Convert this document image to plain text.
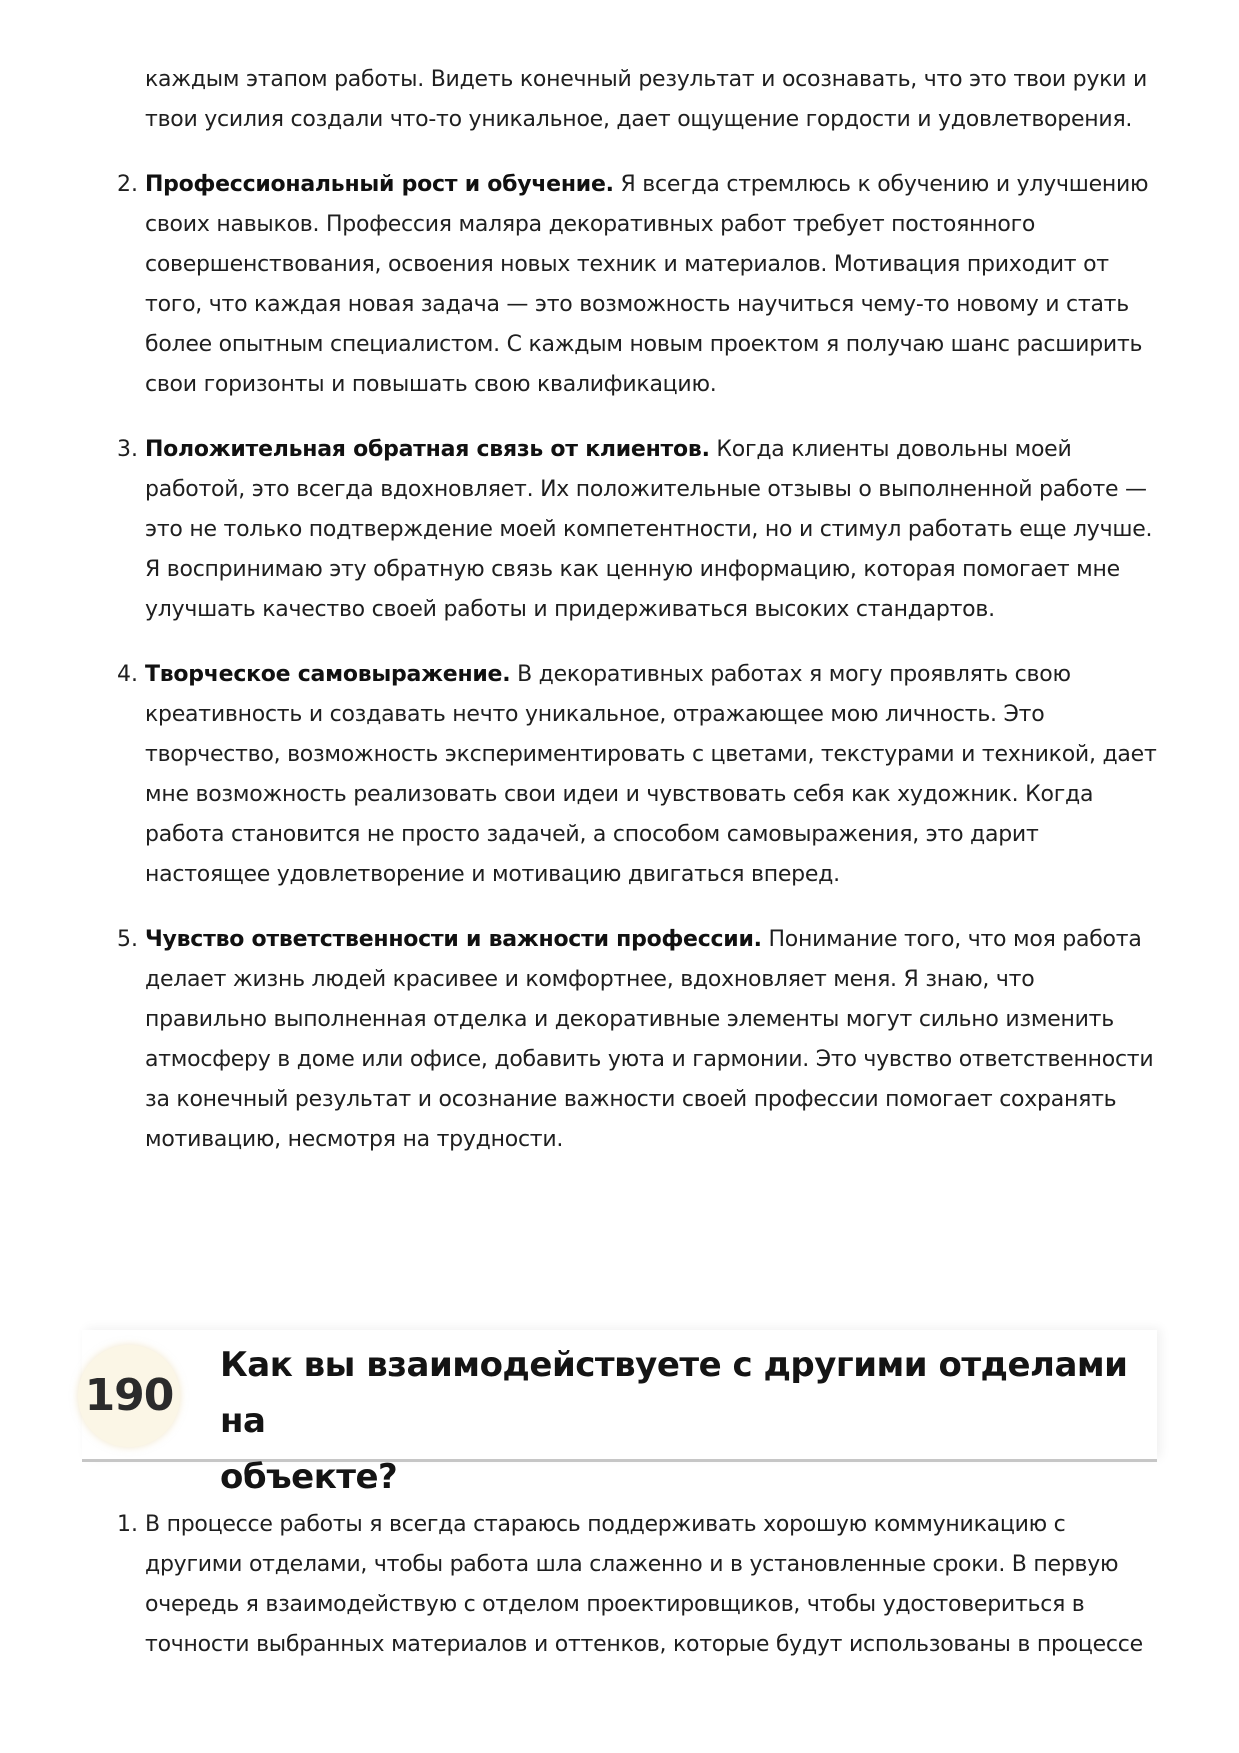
каждым этапом работы. Видеть конечный результат и осознавать, что это твои руки и
твои усилия создали что-то уникальное, дает ощущение гордости и удовлетворения.
2. Профессиональный рост и обучение. Я всегда стремлюсь к обучению и улучшению
своих навыков. Профессия маляра декоративных работ требует постоянного
совершенствования, освоения новых техник и материалов. Мотивация приходит от
того, что каждая новая задача — это возможность научиться чему-то новому и стать
более опытным специалистом. С каждым новым проектом я получаю шанс расширить
свои горизонты и повышать свою квалификацию.
3. Положительная обратная связь от клиентов. Когда клиенты довольны моей
работой, это всегда вдохновляет. Их положительные отзывы о выполненной работе —
это не только подтверждение моей компетентности, но и стимул работать еще лучше.
Я воспринимаю эту обратную связь как ценную информацию, которая помогает мне
улучшать качество своей работы и придерживаться высоких стандартов.
4. Творческое самовыражение. В декоративных работах я могу проявлять свою
креативность и создавать нечто уникальное, отражающее мою личность. Это
творчество, возможность экспериментировать с цветами, текстурами и техникой, дает
мне возможность реализовать свои идеи и чувствовать себя как художник. Когда
работа становится не просто задачей, а способом самовыражения, это дарит
настоящее удовлетворение и мотивацию двигаться вперед.
5. Чувство ответственности и важности профессии. Понимание того, что моя работа
делает жизнь людей красивее и комфортнее, вдохновляет меня. Я знаю, что
правильно выполненная отделка и декоративные элементы могут сильно изменить
атмосферу в доме или офисе, добавить уюта и гармонии. Это чувство ответственности
за конечный результат и осознание важности своей профессии помогает сохранять
мотивацию, несмотря на трудности.
190
Как вы взаимодействуете с другими отделами на
объекте?
1. В процессе работы я всегда стараюсь поддерживать хорошую коммуникацию с
другими отделами, чтобы работа шла слаженно и в установленные сроки. В первую
очередь я взаимодействую с отделом проектировщиков, чтобы удостовериться в
точности выбранных материалов и оттенков, которые будут использованы в процессе
